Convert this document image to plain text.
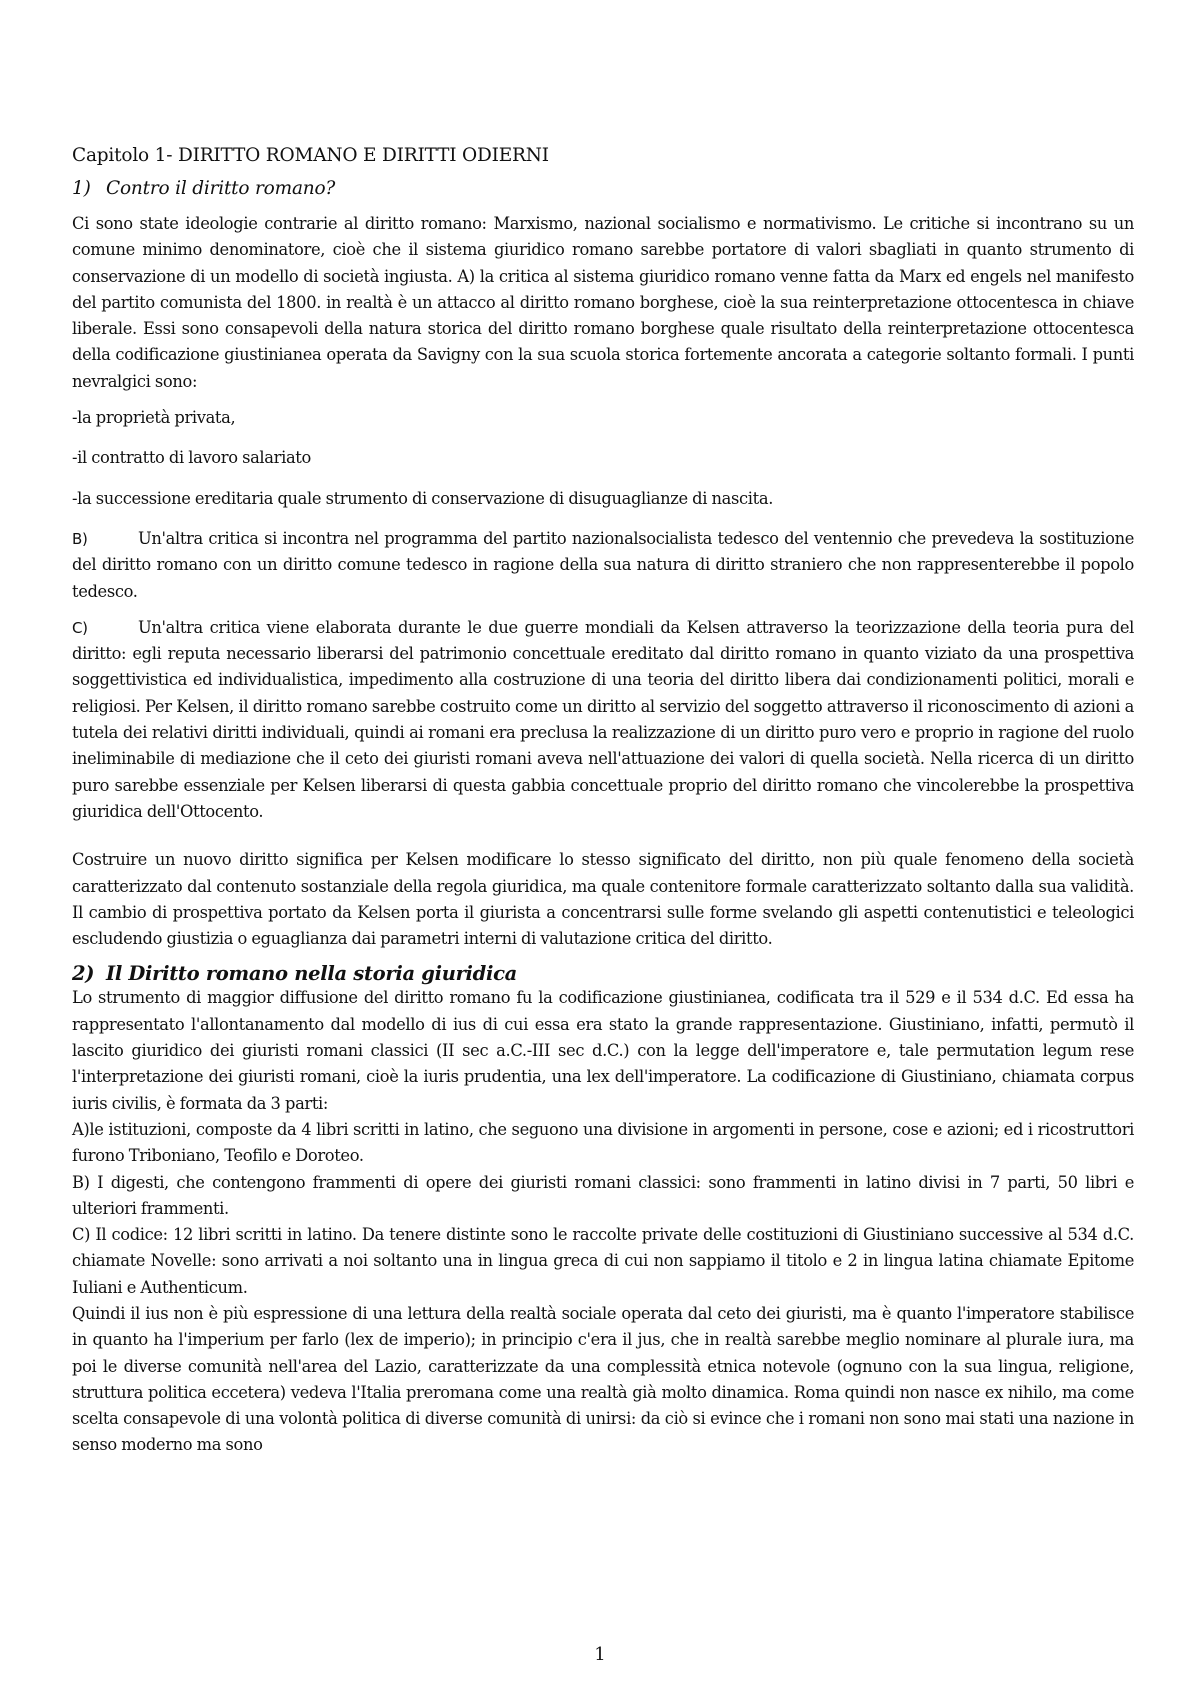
Capitolo 1- DIRITTO ROMANO E DIRITTI ODIERNI
1) Contro il diritto romano?

Ci sono state ideologie contrarie al diritto romano: Marxismo, nazional socialismo e normativismo. Le critiche si incontrano su un comune minimo denominatore, cioè che il sistema giuridico romano sarebbe portatore di valori sbagliati in quanto strumento di conservazione di un modello di società ingiusta. A) la critica al sistema giuridico romano venne fatta da Marx ed engels nel manifesto del partito comunista del 1800. in realtà è un attacco al diritto romano borghese, cioè la sua reinterpretazione ottocentesca in chiave liberale. Essi sono consapevoli della natura storica del diritto romano borghese quale risultato della reinterpretazione ottocentesca della codificazione giustinianea operata da Savigny con la sua scuola storica fortemente ancorata a categorie soltanto formali. I punti nevralgici sono:

-la proprietà privata,

-il contratto di lavoro salariato

-la successione ereditaria quale strumento di conservazione di disuguaglianze di nascita.

B)	Un'altra critica si incontra nel programma del partito nazionalsocialista tedesco del ventennio che prevedeva la sostituzione del diritto romano con un diritto comune tedesco in ragione della sua natura di diritto straniero che non rappresenterebbe il popolo tedesco.

C)	Un'altra critica viene elaborata durante le due guerre mondiali da Kelsen attraverso la teorizzazione della teoria pura del diritto: egli reputa necessario liberarsi del patrimonio concettuale ereditato dal diritto romano in quanto viziato da una prospettiva soggettivistica ed individualistica, impedimento alla costruzione di una teoria del diritto libera dai condizionamenti politici, morali e religiosi. Per Kelsen, il diritto romano sarebbe costruito come un diritto al servizio del soggetto attraverso il riconoscimento di azioni a tutela dei relativi diritti individuali, quindi ai romani era preclusa la realizzazione di un diritto puro vero e proprio in ragione del ruolo ineliminabile di mediazione che il ceto dei giuristi romani aveva nell'attuazione dei valori di quella società. Nella ricerca di un diritto puro sarebbe essenziale per Kelsen liberarsi di questa gabbia concettuale proprio del diritto romano che vincolerebbe la prospettiva giuridica dell'Ottocento.

Costruire un nuovo diritto significa per Kelsen modificare lo stesso significato del diritto, non più quale fenomeno della società caratterizzato dal contenuto sostanziale della regola giuridica, ma quale contenitore formale caratterizzato soltanto dalla sua validità. Il cambio di prospettiva portato da Kelsen porta il giurista a concentrarsi sulle forme svelando gli aspetti contenutistici e teleologici escludendo giustizia o eguaglianza dai parametri interni di valutazione critica del diritto.

2) Il Diritto romano nella storia giuridica

Lo strumento di maggior diffusione del diritto romano fu la codificazione giustinianea, codificata tra il 529 e il 534 d.C. Ed essa ha rappresentato l'allontanamento dal modello di ius di cui essa era stato la grande rappresentazione. Giustiniano, infatti, permutò il lascito giuridico dei giuristi romani classici (II sec a.C.-III sec d.C.) con la legge dell'imperatore e, tale permutation legum rese l'interpretazione dei giuristi romani, cioè la iuris prudentia, una lex dell'imperatore. La codificazione di Giustiniano, chiamata corpus iuris civilis, è formata da 3 parti:

A)le istituzioni, composte da 4 libri scritti in latino, che seguono una divisione in argomenti in persone, cose e azioni; ed i ricostruttori furono Triboniano, Teofilo e Doroteo.

B) I digesti, che contengono frammenti di opere dei giuristi romani classici: sono frammenti in latino divisi in 7 parti, 50 libri e ulteriori frammenti.

C) Il codice: 12 libri scritti in latino. Da tenere distinte sono le raccolte private delle costituzioni di Giustiniano successive al 534 d.C. chiamate Novelle: sono arrivati a noi soltanto una in lingua greca di cui non sappiamo il titolo e 2 in lingua latina chiamate Epitome Iuliani e Authenticum.

Quindi il ius non è più espressione di una lettura della realtà sociale operata dal ceto dei giuristi, ma è quanto l'imperatore stabilisce in quanto ha l'imperium per farlo (lex de imperio); in principio c'era il jus, che in realtà sarebbe meglio nominare al plurale iura, ma poi le diverse comunità nell'area del Lazio, caratterizzate da una complessità etnica notevole (ognuno con la sua lingua, religione, struttura politica eccetera) vedeva l'Italia preromana come una realtà già molto dinamica. Roma quindi non nasce ex nihilo, ma come scelta consapevole di una volontà politica di diverse comunità di unirsi: da ciò si evince che i romani non sono mai stati una nazione in senso moderno ma sono

1
